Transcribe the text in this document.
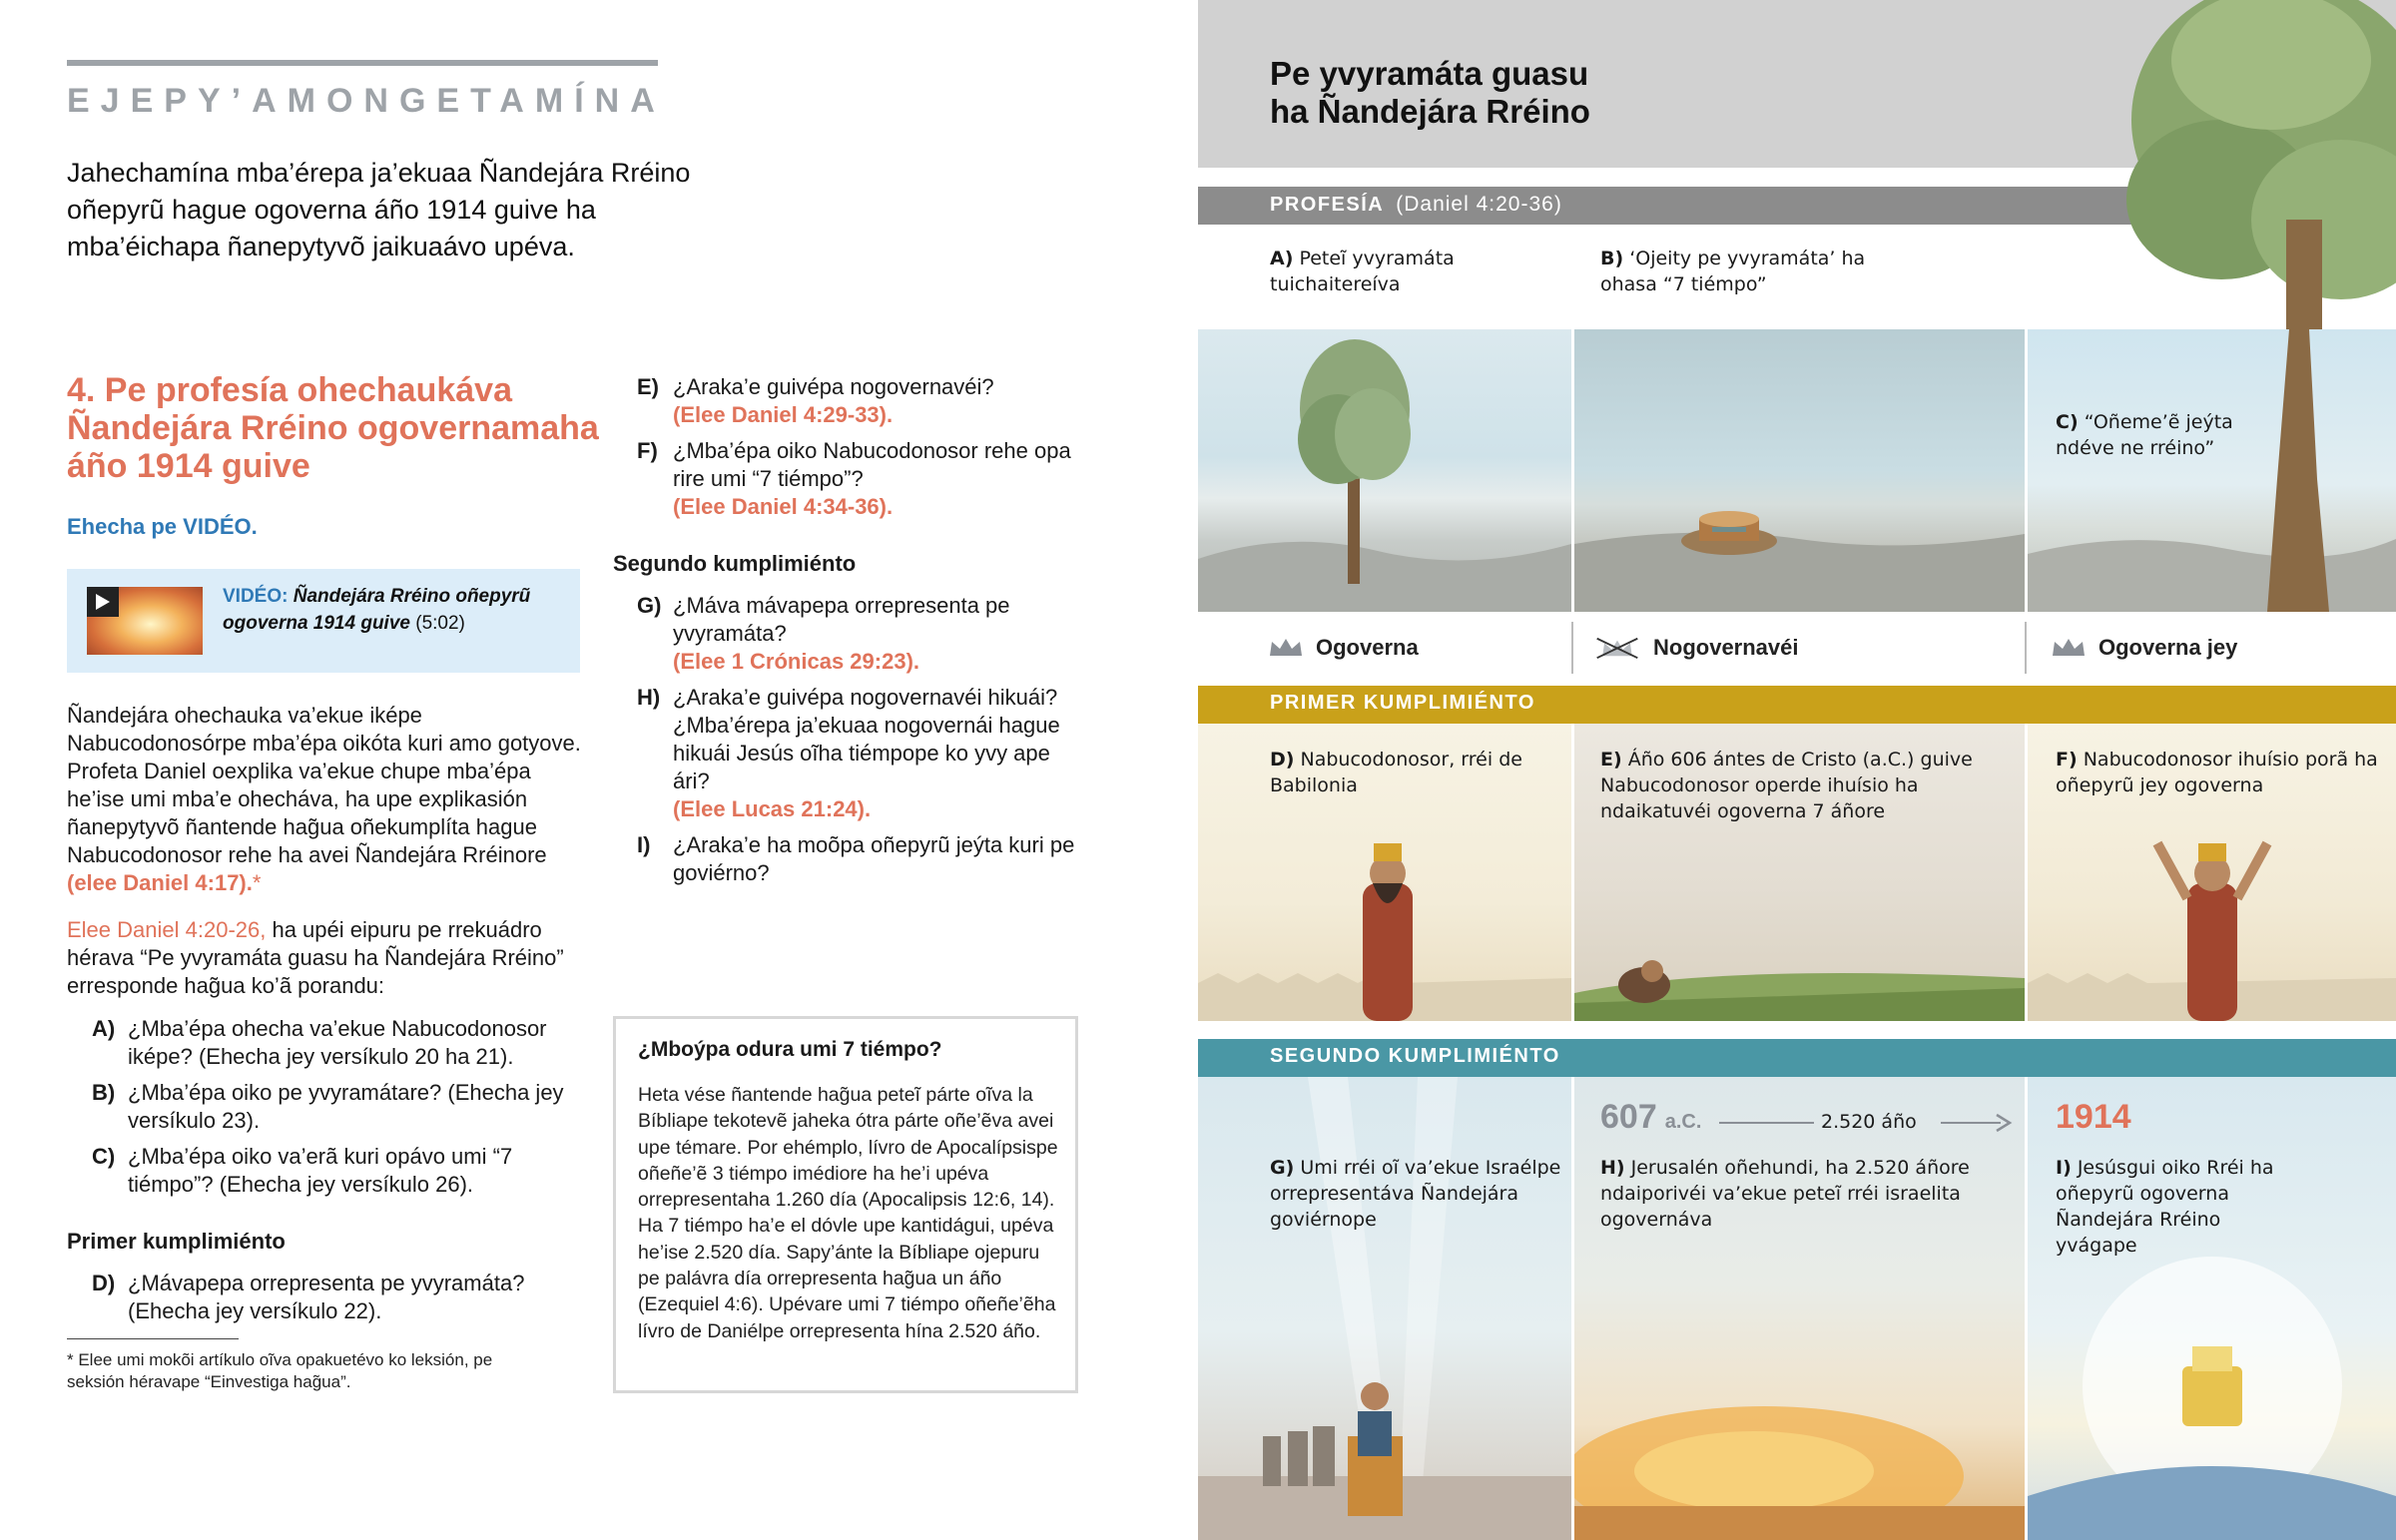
EJEPY’AMONGETAMÍNA
Jahechamína mba’érepa ja’ekuaa Ñandejára Rréino oñepyrũ hague ogoverna áño 1914 guive ha mba’éichapa ñanepytyvõ jaikuaávo upéva.
4. Pe profesía ohechaukáva Ñandejára Rréino ogovernamaha áño 1914 guive
Ehecha pe VIDÉO.
VIDÉO: Ñandejára Rréino oñepyrũ ogoverna 1914 guive (5:02)
Ñandejára ohechauka va’ekue iképe Nabucodonosórpe mba’épa oikóta kuri amo gotyove. Profeta Daniel oexplika va’ekue chupe mba’épa he’ise umi mba’e ohecháva, ha upe explikasión ñanepytyvõ ñantende hag̃ua oñekumplíta hague Nabucodonosor rehe ha avei Ñandejára Rréinore (elee Daniel 4:17).*
Elee Daniel 4:20-26, ha upéi eipuru pe rrekuádro hérava “Pe yvyramáta guasu ha Ñandejára Rréino” erresponde hag̃ua ko’ã porandu:
A) ¿Mba’épa ohecha va’ekue Nabucodonosor iképe? (Ehecha jey versíkulo 20 ha 21).
B) ¿Mba’épa oiko pe yvyramátare? (Ehecha jey versíkulo 23).
C) ¿Mba’épa oiko va’erã kuri opávo umi “7 tiémpo”? (Ehecha jey versíkulo 26).
Primer kumplimiénto
D) ¿Mávapepa orrepresenta pe yvyramáta? (Ehecha jey versíkulo 22).
* Elee umi mokõi artíkulo oĩva opakuetévo ko leksión, pe seksión héravape “Einvestiga hag̃ua”.
E) ¿Araka’e guivépa nogovernavéi?
(Elee Daniel 4:29-33).
F) ¿Mba’épa oiko Nabucodonosor rehe opa rire umi “7 tiémpo”?
(Elee Daniel 4:34-36).
Segundo kumplimiénto
G) ¿Máva mávapepa orrepresenta pe yvyramáta?
(Elee 1 Crónicas 29:23).
H) ¿Araka’e guivépa nogovernavéi hikuái? ¿Mba’érepa ja’ekuaa nogovernái hague hikuái Jesús oĩha tiémpope ko yvy ape ári?
(Elee Lucas 21:24).
I) ¿Araka’e ha moõpa oñepyrũ jeýta kuri pe goviérno?
¿Mboýpa odura umi 7 tiémpo?
Heta vése ñantende hag̃ua peteĩ párte oĩva la Bíbliape tekotevẽ jaheka ótra párte oñe’ẽva avei upe témare. Por ehémplo, lívro de Apocalípsispe oñeñe’ẽ 3 tiémpo imédiore ha he’i upéva orrepresentaha 1.260 día (Apocalipsis 12:6, 14). Ha 7 tiémpo ha’e el dóvle upe kantidágui, upéva he’ise 2.520 día. Sapy’ánte la Bíbliape ojepuru pe palávra día orrepresenta hag̃ua un áño (Ezequiel 4:6). Upévare umi 7 tiémpo oñeñe’ẽha lívro de Daniélpe orrepresenta hína 2.520 áño.
Pe yvyramáta guasu
ha Ñandejára Rréino
PROFESÍA (Daniel 4:20-36)
A) Peteĩ yvyramáta tuichaitereíva
B) ‘Ojeity pe yvyramáta’ ha ohasa “7 tiémpo”
C) “Oñeme’ẽ jeýta ndéve ne rréino”
Ogoverna	Nogovernavéi	Ogoverna jey
PRIMER KUMPLIMIÉNTO
D) Nabucodonosor, rréi de Babilonia
E) Áño 606 ántes de Cristo (a.C.) guive Nabucodonosor operde ihuísio ha ndaikatuvéi ogoverna 7 áñore
F) Nabucodonosor ihuísio porã ha oñepyrũ jey ogoverna
SEGUNDO KUMPLIMIÉNTO
607 a.C.	2.520 áño	1914
G) Umi rréi oĩ va’ekue Israélpe orrepresentáva Ñandejára goviérnope
H) Jerusalén oñehundi, ha 2.520 áñore ndaiporivéi va’ekue peteĩ rréi israelita ogovernáva
I) Jesúsgui oiko Rréi ha oñepyrũ ogoverna Ñandejára Rréino yvágape
